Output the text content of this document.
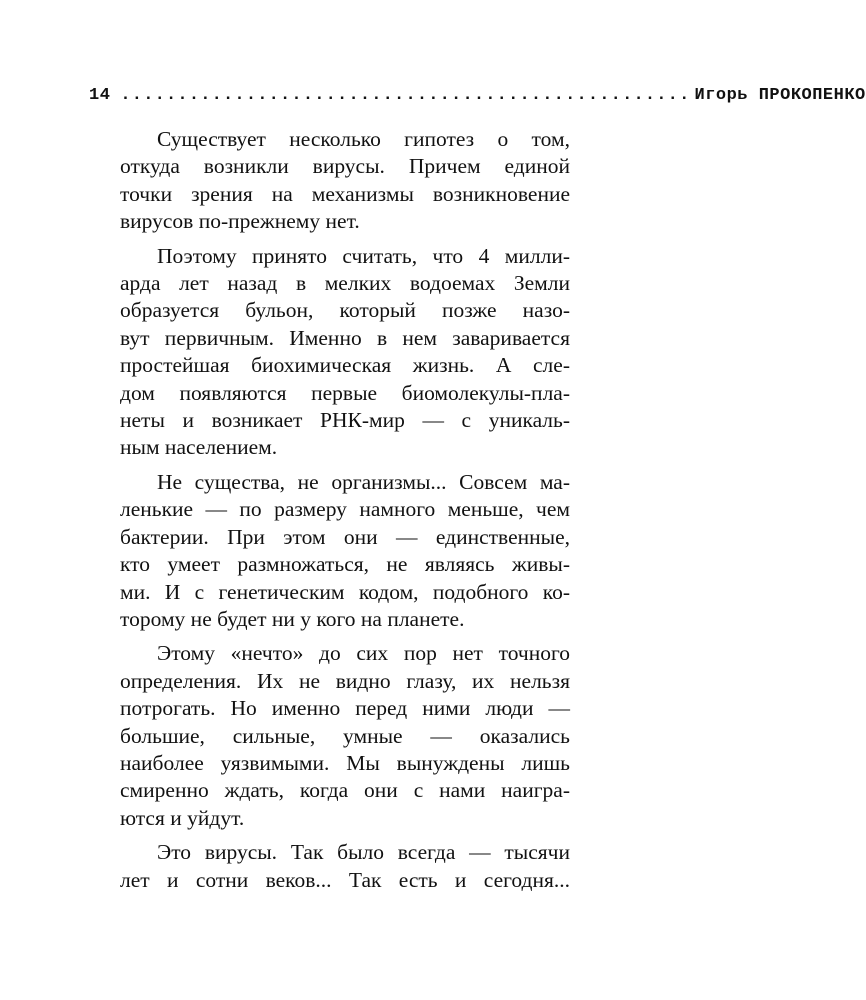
14 .................................................. Игорь ПРОКОПЕНКО

Существует несколько гипотез о том,
откуда возникли вирусы. Причем единой
точки зрения на механизмы возникновение
вирусов по-прежнему нет.

Поэтому принято считать, что 4 милли-
арда лет назад в мелких водоемах Земли
образуется бульон, который позже назо-
вут первичным. Именно в нем заваривается
простейшая биохимическая жизнь. А сле-
дом появляются первые биомолекулы-пла-
неты и возникает РНК-мир — с уникаль-
ным населением.

Не существа, не организмы... Совсем ма-
ленькие — по размеру намного меньше, чем
бактерии. При этом они — единственные,
кто умеет размножаться, не являясь живы-
ми. И с генетическим кодом, подобного ко-
торому не будет ни у кого на планете.

Этому «нечто» до сих пор нет точного
определения. Их не видно глазу, их нельзя
потрогать. Но именно перед ними люди —
большие, сильные, умные — оказались
наиболее уязвимыми. Мы вынуждены лишь
смиренно ждать, когда они с нами наигра-
ются и уйдут.

Это вирусы. Так было всегда — тысячи
лет и сотни веков... Так есть и сегодня...
